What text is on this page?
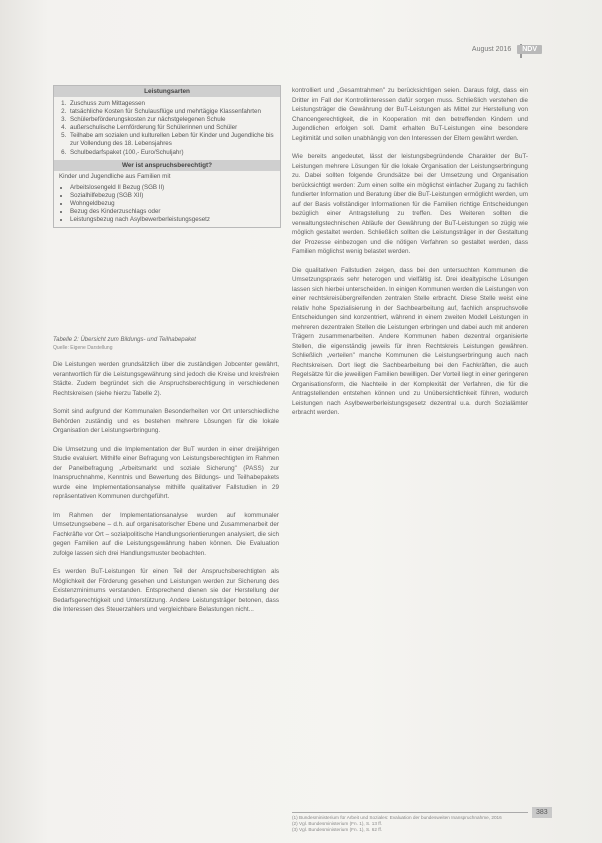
August 2016	NDV
Leistungsarten
1. Zuschuss zum Mittagessen
2. tatsächliche Kosten für Schulausflüge und mehrtägige Klassenfahrten
3. Schülerbeförderungskosten zur nächstgelegenen Schule
4. außerschulische Lernförderung für Schülerinnen und Schüler
5. Teilhabe am sozialen und kulturellen Leben für Kinder und Jugendliche bis zur Vollendung des 18. Lebensjahres
6. Schulbedarfspaket (100,- Euro/Schuljahr)
Wer ist anspruchsberechtigt?
Kinder und Jugendliche aus Familien mit
• Arbeitslosengeld II Bezug (SGB II)
• Sozialhilfebezug (SGB XII)
• Wohngeldbezug
• Bezug des Kinderzuschlags oder
• Leistungsbezug nach Asylbewerberleistungsgesetz
Tabelle 2: Übersicht zum Bildungs- und Teilhabepaket
Quelle: Eigene Darstellung

Die Leistungen werden grundsätzlich über die zuständigen Jobcenter gewährt, verantwortlich für die Leistungsgewährung sind jedoch die Kreise und kreisfreien Städte. Zudem begründet sich die Anspruchsberechtigung in verschiedenen Rechtskreisen (siehe hierzu Tabelle 2).

Somit sind aufgrund der Kommunalen Besonderheiten vor Ort unterschiedliche Behörden zuständig und es bestehen mehrere Lösungen für die lokale Organisation der Leistungserbringung.

Die Umsetzung und die Implementation der BuT wurden in einer dreijährigen Studie evaluiert. Mithilfe einer Befragung von Leistungsberechtigten im Rahmen der Panelbefragung „Arbeitsmarkt und soziale Sicherung" (PASS) zur Inanspruchnahme, Kenntnis und Bewertung des Bildungs- und Teilhabepakets wurde eine Implementationsanalyse mithilfe qualitativer Fallstudien in 29 repräsentativen Kommunen durchgeführt.

Im Rahmen der Implementationsanalyse wurden auf kommunaler Umsetzungsebene – d.h. auf organisatorischer Ebene und Zusammenarbeit der Fachkräfte vor Ort – sozialpolitische Handlungsorientierungen analysiert, die sich gegen Familien auf die Leistungsgewährung haben können. Die Evaluation zufolge lassen sich drei Handlungsmuster beobachten.

Es werden BuT-Leistungen für einen Teil der Anspruchsberechtigten als Möglichkeit der Förderung gesehen und Leistungen werden zur Sicherung des Existenzminimums verstanden. Entsprechend dienen sie der Herstellung der Bedarfsgerechtigkeit und Unterstützung. Andere Leistungsträger betonen, dass die Interessen des Steuerzahlers und vergleichbare Belastungen nicht...

kontrolliert und „Gesamtrahmen" zu berücksichtigen seien. Daraus folgt, dass ein Dritter im Fall der Kontrollinteressen dafür sorgen muss. Schließlich verstehen die Leistungsträger die Gewährung der BuT-Leistungen als Mittel zur Herstellung von Chancengerechtigkeit, die in Kooperation mit den betreffenden Kindern und Jugendlichen erfolgen soll. Damit erhalten BuT-Leistungen eine besondere Legitimität und sollen unabhängig von den Interessen der Eltern gewährt werden.

Wie bereits angedeutet, lässt der leistungsbegründende Charakter der BuT-Leistungen mehrere Lösungen für die lokale Organisation der Leistungserbringung zu. Dabei sollten folgende Grundsätze bei der Umsetzung und Organisation berücksichtigt werden: Zum einen sollte ein möglichst einfacher Zugang zu fachlich fundierter Information und Beratung über die BuT-Leistungen ermöglicht werden, um auf der Basis vollständiger Informationen für die Familien richtige Entscheidungen bezüglich einer Antragstellung zu treffen. Des Weiteren sollten die verwaltungstechnischen Abläufe der Gewährung der BuT-Leistungen so zügig wie möglich gestaltet werden. Schließlich sollten die Leistungsträger in der Gestaltung der Prozesse einbezogen und die nötigen Verfahren so gestaltet werden, dass Familien möglichst wenig belastet werden.

Die qualitativen Fallstudien zeigen, dass bei den untersuchten Kommunen die Umsetzungspraxis sehr heterogen und vielfältig ist. Drei idealtypische Lösungen lassen sich hierbei unterscheiden. In einigen Kommunen werden die Leistungen von einer rechtskreisübergreifenden zentralen Stelle erbracht. Diese Stelle weist eine relativ hohe Spezialisierung in der Sachbearbeitung auf, fachlich anspruchsvolle Entscheidungen sind konzentriert, während in einem zweiten Modell Leistungen in mehreren dezentralen Stellen die Leistungen erbringen und dabei auch mit anderen Trägern zusammenarbeiten. Andere Kommunen haben dezentral organisierte Stellen, die eigenständig jeweils für ihren Rechtskreis Leistungen gewähren. Schließlich „verteilen" manche Kommunen die Leistungserbringung auch nach Rechtskreisen. Dort liegt die Sachbearbeitung bei den Fachkräften, die auch Regelsätze für die jeweiligen Familien bewilligen. Der Vorteil liegt in einer geringeren Organisationsform, die Nachteile in der Komplexität der Verfahren, die für die Antragstellenden entstehen können und zu Unübersichtlichkeit führen, wodurch Leistungen nach Asylbewerberleistungsgesetz dezentral u.a. durch Sozialämter erbracht werden.

(1) Bundesministerium für Arbeit und Soziales: Evaluation der bundesweiten Inanspruchnahme, 2016
(2) Vgl. Bundesministerium (Fn. 1), S. 13 ff.
(3) Vgl. Bundesministerium (Fn. 1), S. 62 ff.
383
